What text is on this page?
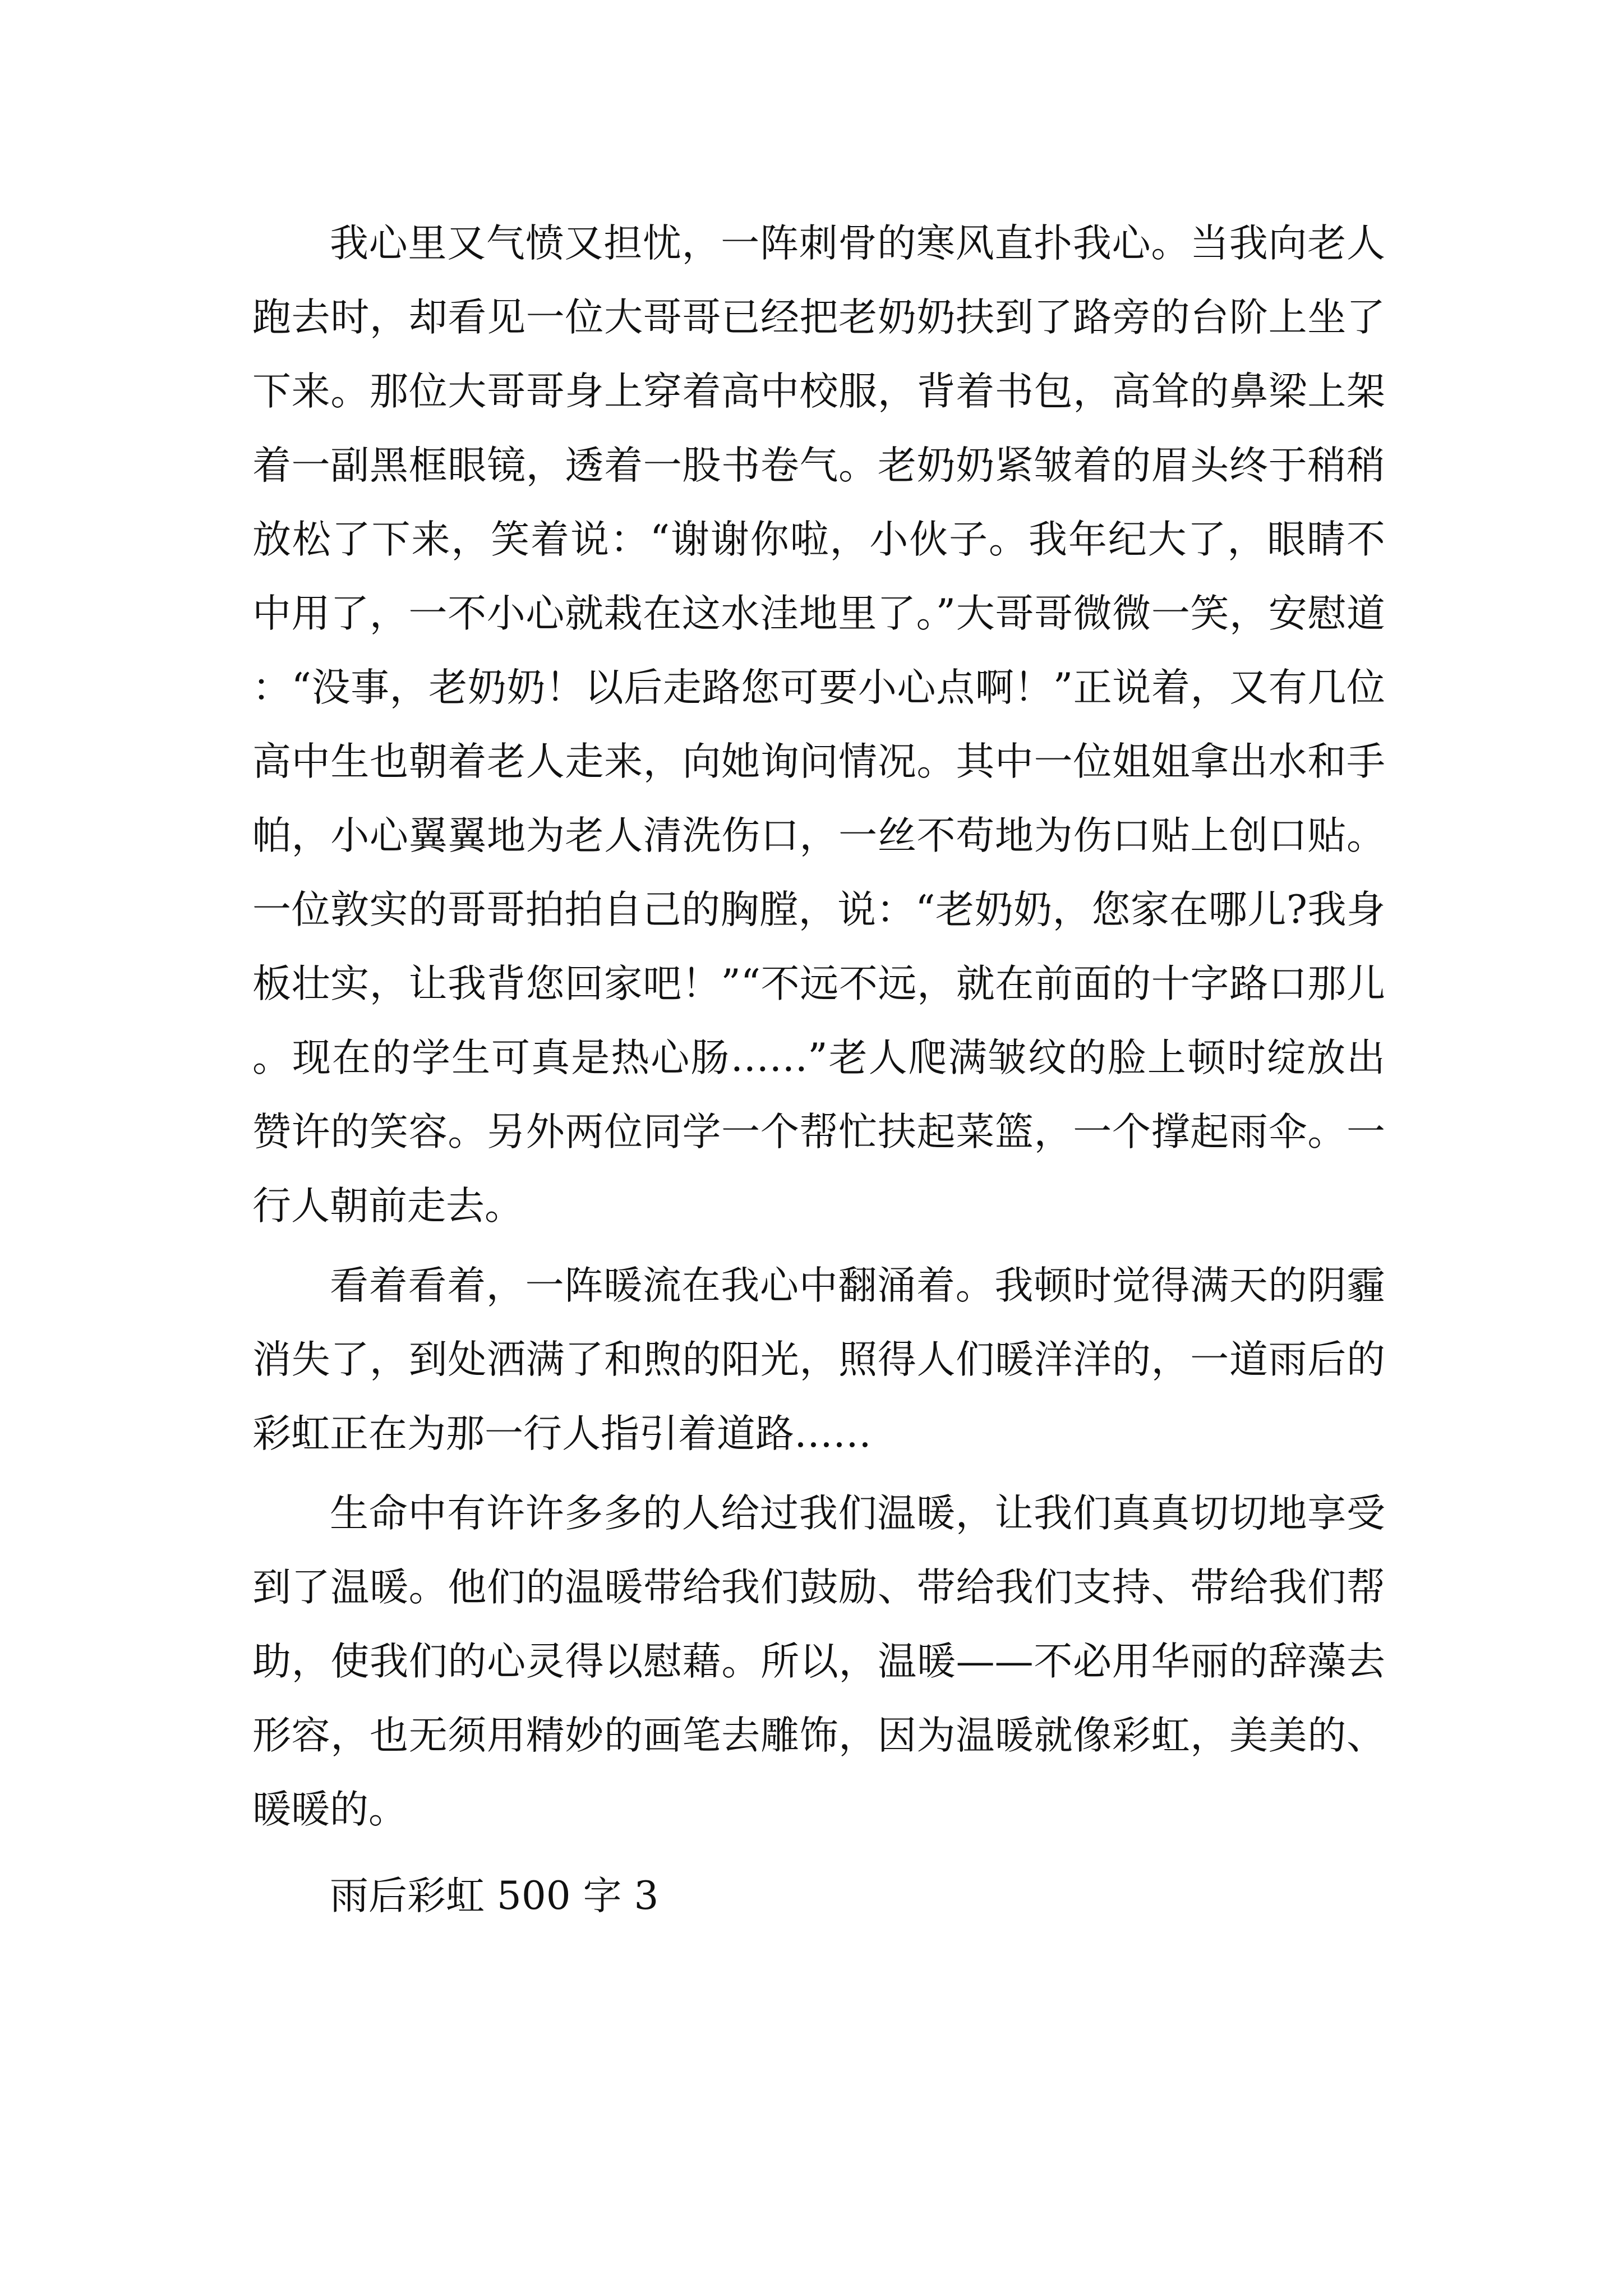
我心里又气愤又担忧，一阵刺骨的寒风直扑我心。当我向老人跑去时，却看见一位大哥哥已经把老奶奶扶到了路旁的台阶上坐了下来。那位大哥哥身上穿着高中校服，背着书包，高耸的鼻梁上架着一副黑框眼镜，透着一股书卷气。老奶奶紧皱着的眉头终于稍稍放松了下来，笑着说：“谢谢你啦，小伙子。我年纪大了，眼睛不中用了，一不小心就栽在这水洼地里了。”大哥哥微微一笑，安慰道：“没事，老奶奶！以后走路您可要小心点啊！”正说着，又有几位高中生也朝着老人走来，向她询问情况。其中一位姐姐拿出水和手帕，小心翼翼地为老人清洗伤口，一丝不苟地为伤口贴上创口贴。一位敦实的哥哥拍拍自己的胸膛，说：“老奶奶，您家在哪儿?我身板壮实，让我背您回家吧！”“不远不远，就在前面的十字路口那儿。现在的学生可真是热心肠……”老人爬满皱纹的脸上顿时绽放出赞许的笑容。另外两位同学一个帮忙扶起菜篮，一个撑起雨伞。一行人朝前走去。

看着看着，一阵暖流在我心中翻涌着。我顿时觉得满天的阴霾消失了，到处洒满了和煦的阳光，照得人们暖洋洋的，一道雨后的彩虹正在为那一行人指引着道路……

生命中有许许多多的人给过我们温暖，让我们真真切切地享受到了温暖。他们的温暖带给我们鼓励、带给我们支持、带给我们帮助，使我们的心灵得以慰藉。所以，温暖——不必用华丽的辞藻去形容，也无须用精妙的画笔去雕饰，因为温暖就像彩虹，美美的、暖暖的。

雨后彩虹 500 字 3
